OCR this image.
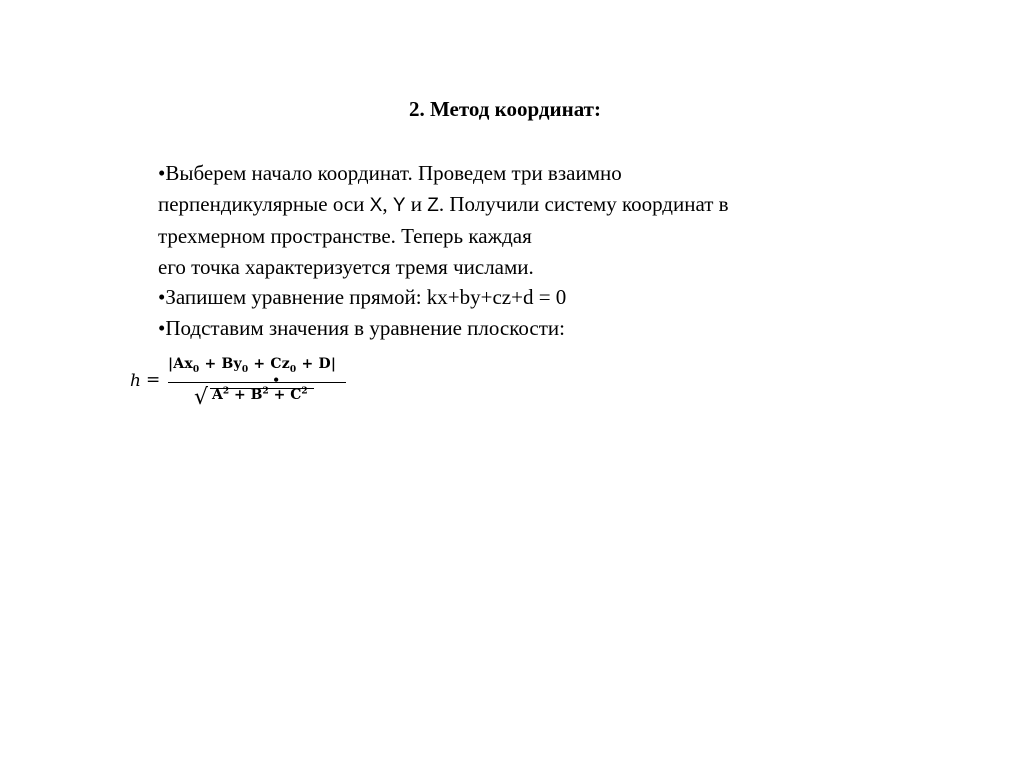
2. Метод координат:

•Выберем начало координат. Проведем три взаимно

перпендикулярные оси X, Y и Z. Получили систему координат в

трехмерном пространстве. Теперь каждая

его точка характеризуется тремя числами.

•Запишем уравнение прямой: kx+by+cz+d = 0

•Подставим значения в уравнение плоскости:

h =
$|Ax_0 + By_0 + Cz_0 + D|$
•
√ $A^2 + B^2 + C^2$
